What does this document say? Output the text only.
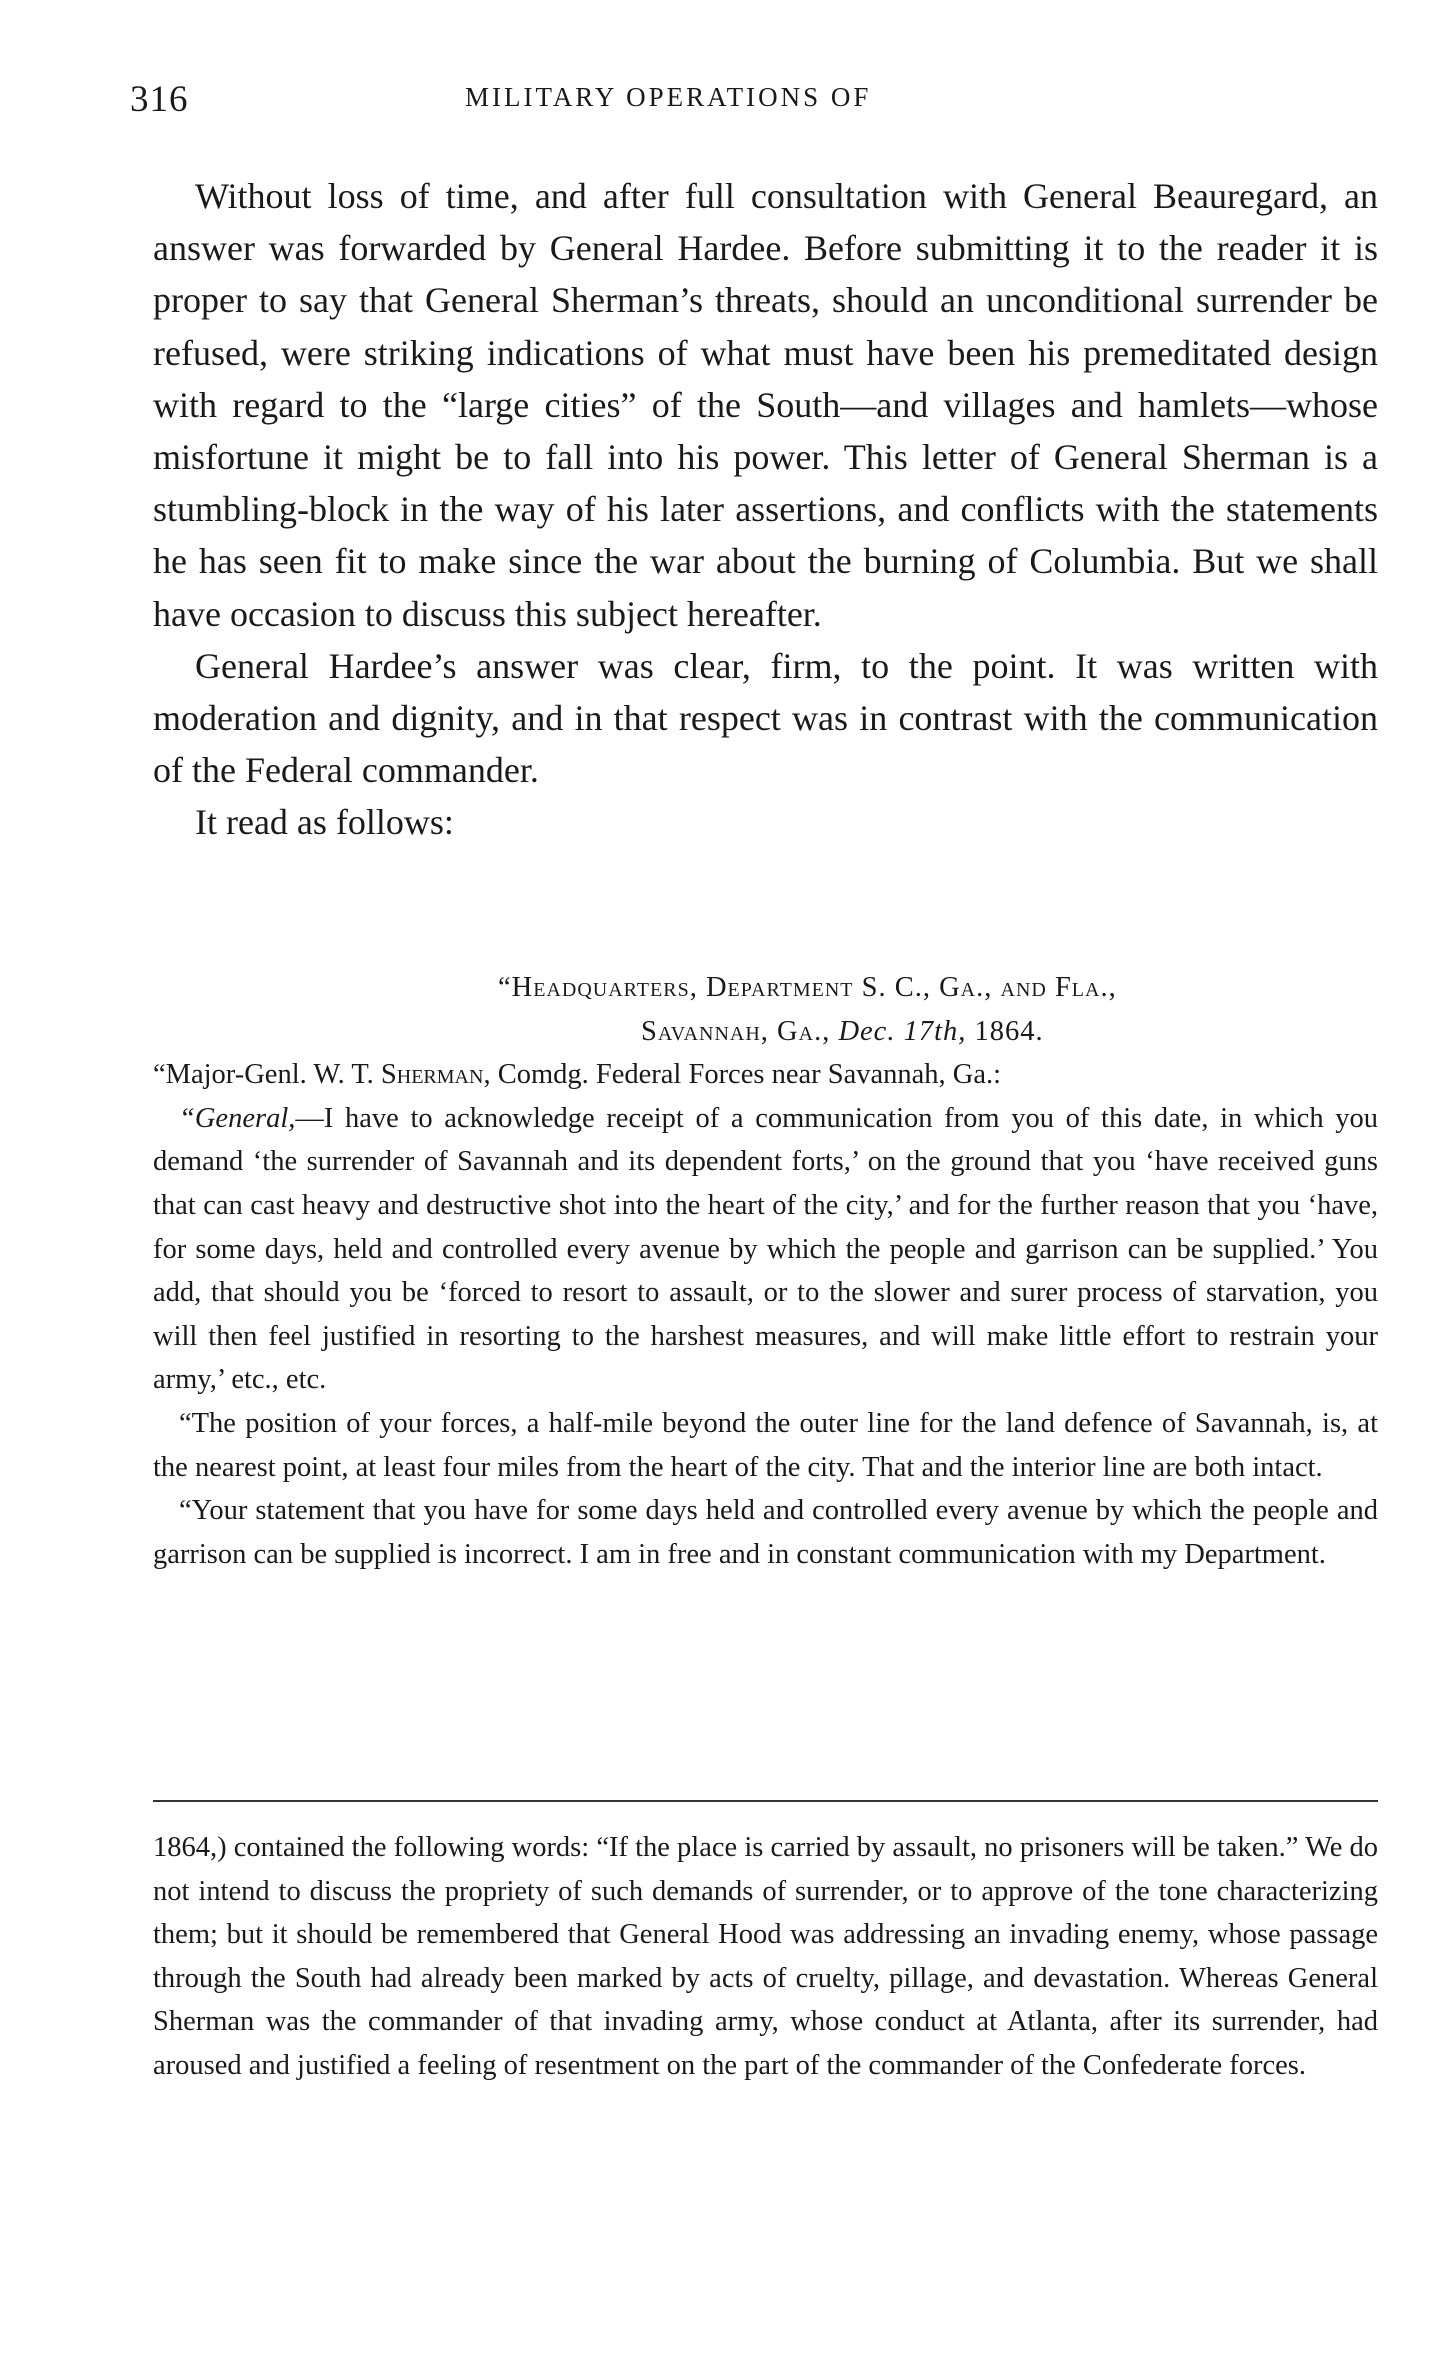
316	MILITARY OPERATIONS OF

Without loss of time, and after full consultation with General Beauregard, an answer was forwarded by General Hardee. Before submitting it to the reader it is proper to say that General Sherman’s threats, should an unconditional surrender be refused, were striking indications of what must have been his premeditated design with regard to the “large cities” of the South—and villages and hamlets—whose misfortune it might be to fall into his power. This letter of General Sherman is a stumbling-block in the way of his later assertions, and conflicts with the statements he has seen fit to make since the war about the burning of Columbia. But we shall have occasion to discuss this subject hereafter.

General Hardee’s answer was clear, firm, to the point. It was written with moderation and dignity, and in that respect was in contrast with the communication of the Federal commander.

It read as follows:

“Headquarters, Department S. C., Ga., and Fla.,
Savannah, Ga., Dec. 17th, 1864.

“Major-Genl. W. T. Sherman, Comdg. Federal Forces near Savannah, Ga.:

“General,—I have to acknowledge receipt of a communication from you of this date, in which you demand ‘the surrender of Savannah and its dependent forts,’ on the ground that you ‘have received guns that can cast heavy and destructive shot into the heart of the city,’ and for the further reason that you ‘have, for some days, held and controlled every avenue by which the people and garrison can be supplied.’ You add, that should you be ‘forced to resort to assault, or to the slower and surer process of starvation, you will then feel justified in resorting to the harshest measures, and will make little effort to restrain your army,’ etc., etc.

“The position of your forces, a half-mile beyond the outer line for the land defence of Savannah, is, at the nearest point, at least four miles from the heart of the city. That and the interior line are both intact.

“Your statement that you have for some days held and controlled every avenue by which the people and garrison can be supplied is incorrect. I am in free and in constant communication with my Department.

1864,) contained the following words: “If the place is carried by assault, no prisoners will be taken.” We do not intend to discuss the propriety of such demands of surrender, or to approve of the tone characterizing them; but it should be remembered that General Hood was addressing an invading enemy, whose passage through the South had already been marked by acts of cruelty, pillage, and devastation. Whereas General Sherman was the commander of that invading army, whose conduct at Atlanta, after its surrender, had aroused and justified a feeling of resentment on the part of the commander of the Confederate forces.
